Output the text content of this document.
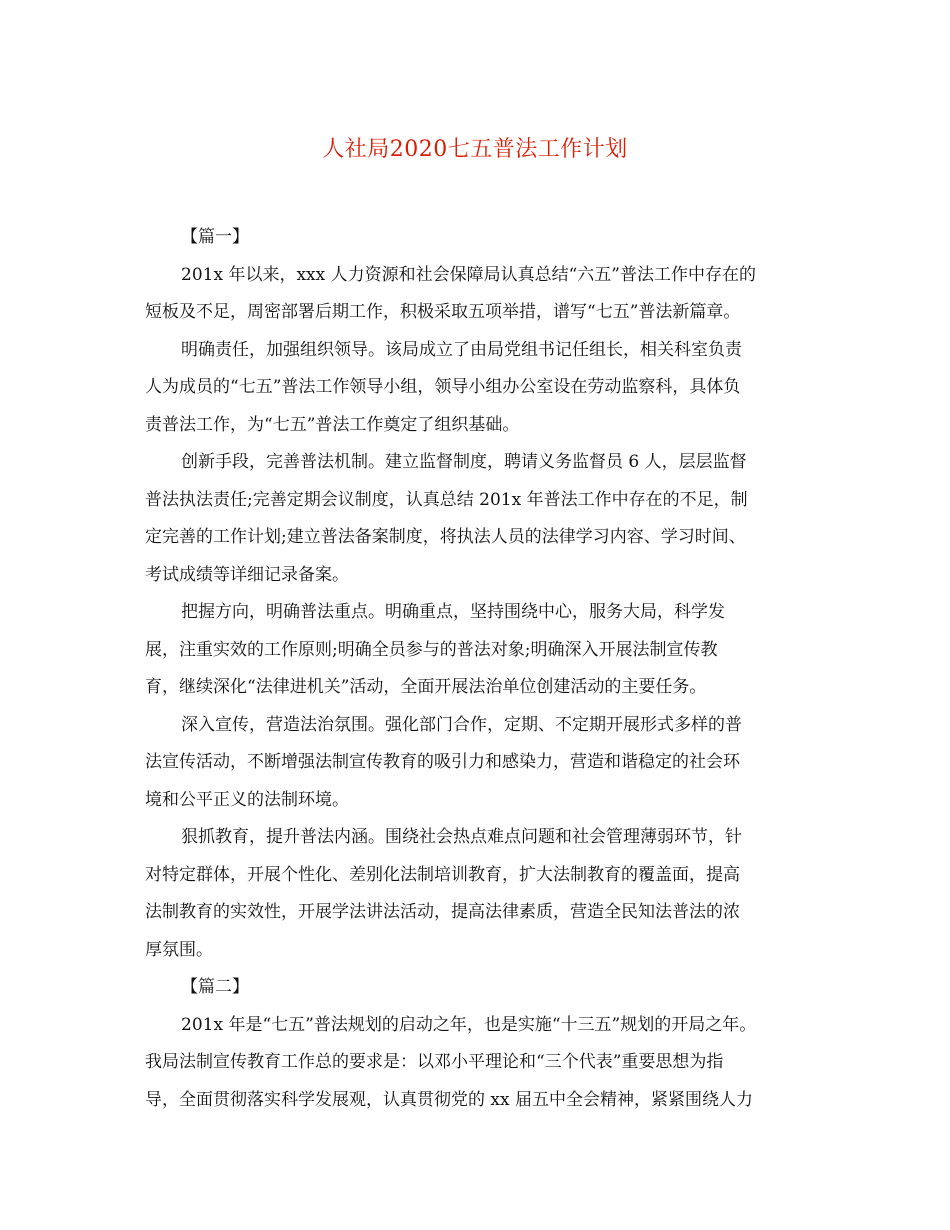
人社局2020七五普法工作计划
【篇一】
201x 年以来，xxx 人力资源和社会保障局认真总结“六五”普法工作中存在的
短板及不足，周密部署后期工作，积极采取五项举措，谱写“七五”普法新篇章。
明确责任，加强组织领导。该局成立了由局党组书记任组长，相关科室负责
人为成员的“七五”普法工作领导小组，领导小组办公室设在劳动监察科，具体负
责普法工作，为“七五”普法工作奠定了组织基础。
创新手段，完善普法机制。建立监督制度，聘请义务监督员 6 人，层层监督
普法执法责任;完善定期会议制度，认真总结 201x 年普法工作中存在的不足，制
定完善的工作计划;建立普法备案制度，将执法人员的法律学习内容、学习时间、
考试成绩等详细记录备案。
把握方向，明确普法重点。明确重点，坚持围绕中心，服务大局，科学发
展，注重实效的工作原则;明确全员参与的普法对象;明确深入开展法制宣传教
育，继续深化“法律进机关”活动，全面开展法治单位创建活动的主要任务。
深入宣传，营造法治氛围。强化部门合作，定期、不定期开展形式多样的普
法宣传活动，不断增强法制宣传教育的吸引力和感染力，营造和谐稳定的社会环
境和公平正义的法制环境。
狠抓教育，提升普法内涵。围绕社会热点难点问题和社会管理薄弱环节，针
对特定群体，开展个性化、差别化法制培训教育，扩大法制教育的覆盖面，提高
法制教育的实效性，开展学法讲法活动，提高法律素质，营造全民知法普法的浓
厚氛围。
【篇二】
201x 年是“七五”普法规划的启动之年，也是实施“十三五”规划的开局之年。
我局法制宣传教育工作总的要求是：以邓小平理论和“三个代表”重要思想为指
导，全面贯彻落实科学发展观，认真贯彻党的 xx 届五中全会精神，紧紧围绕人力
